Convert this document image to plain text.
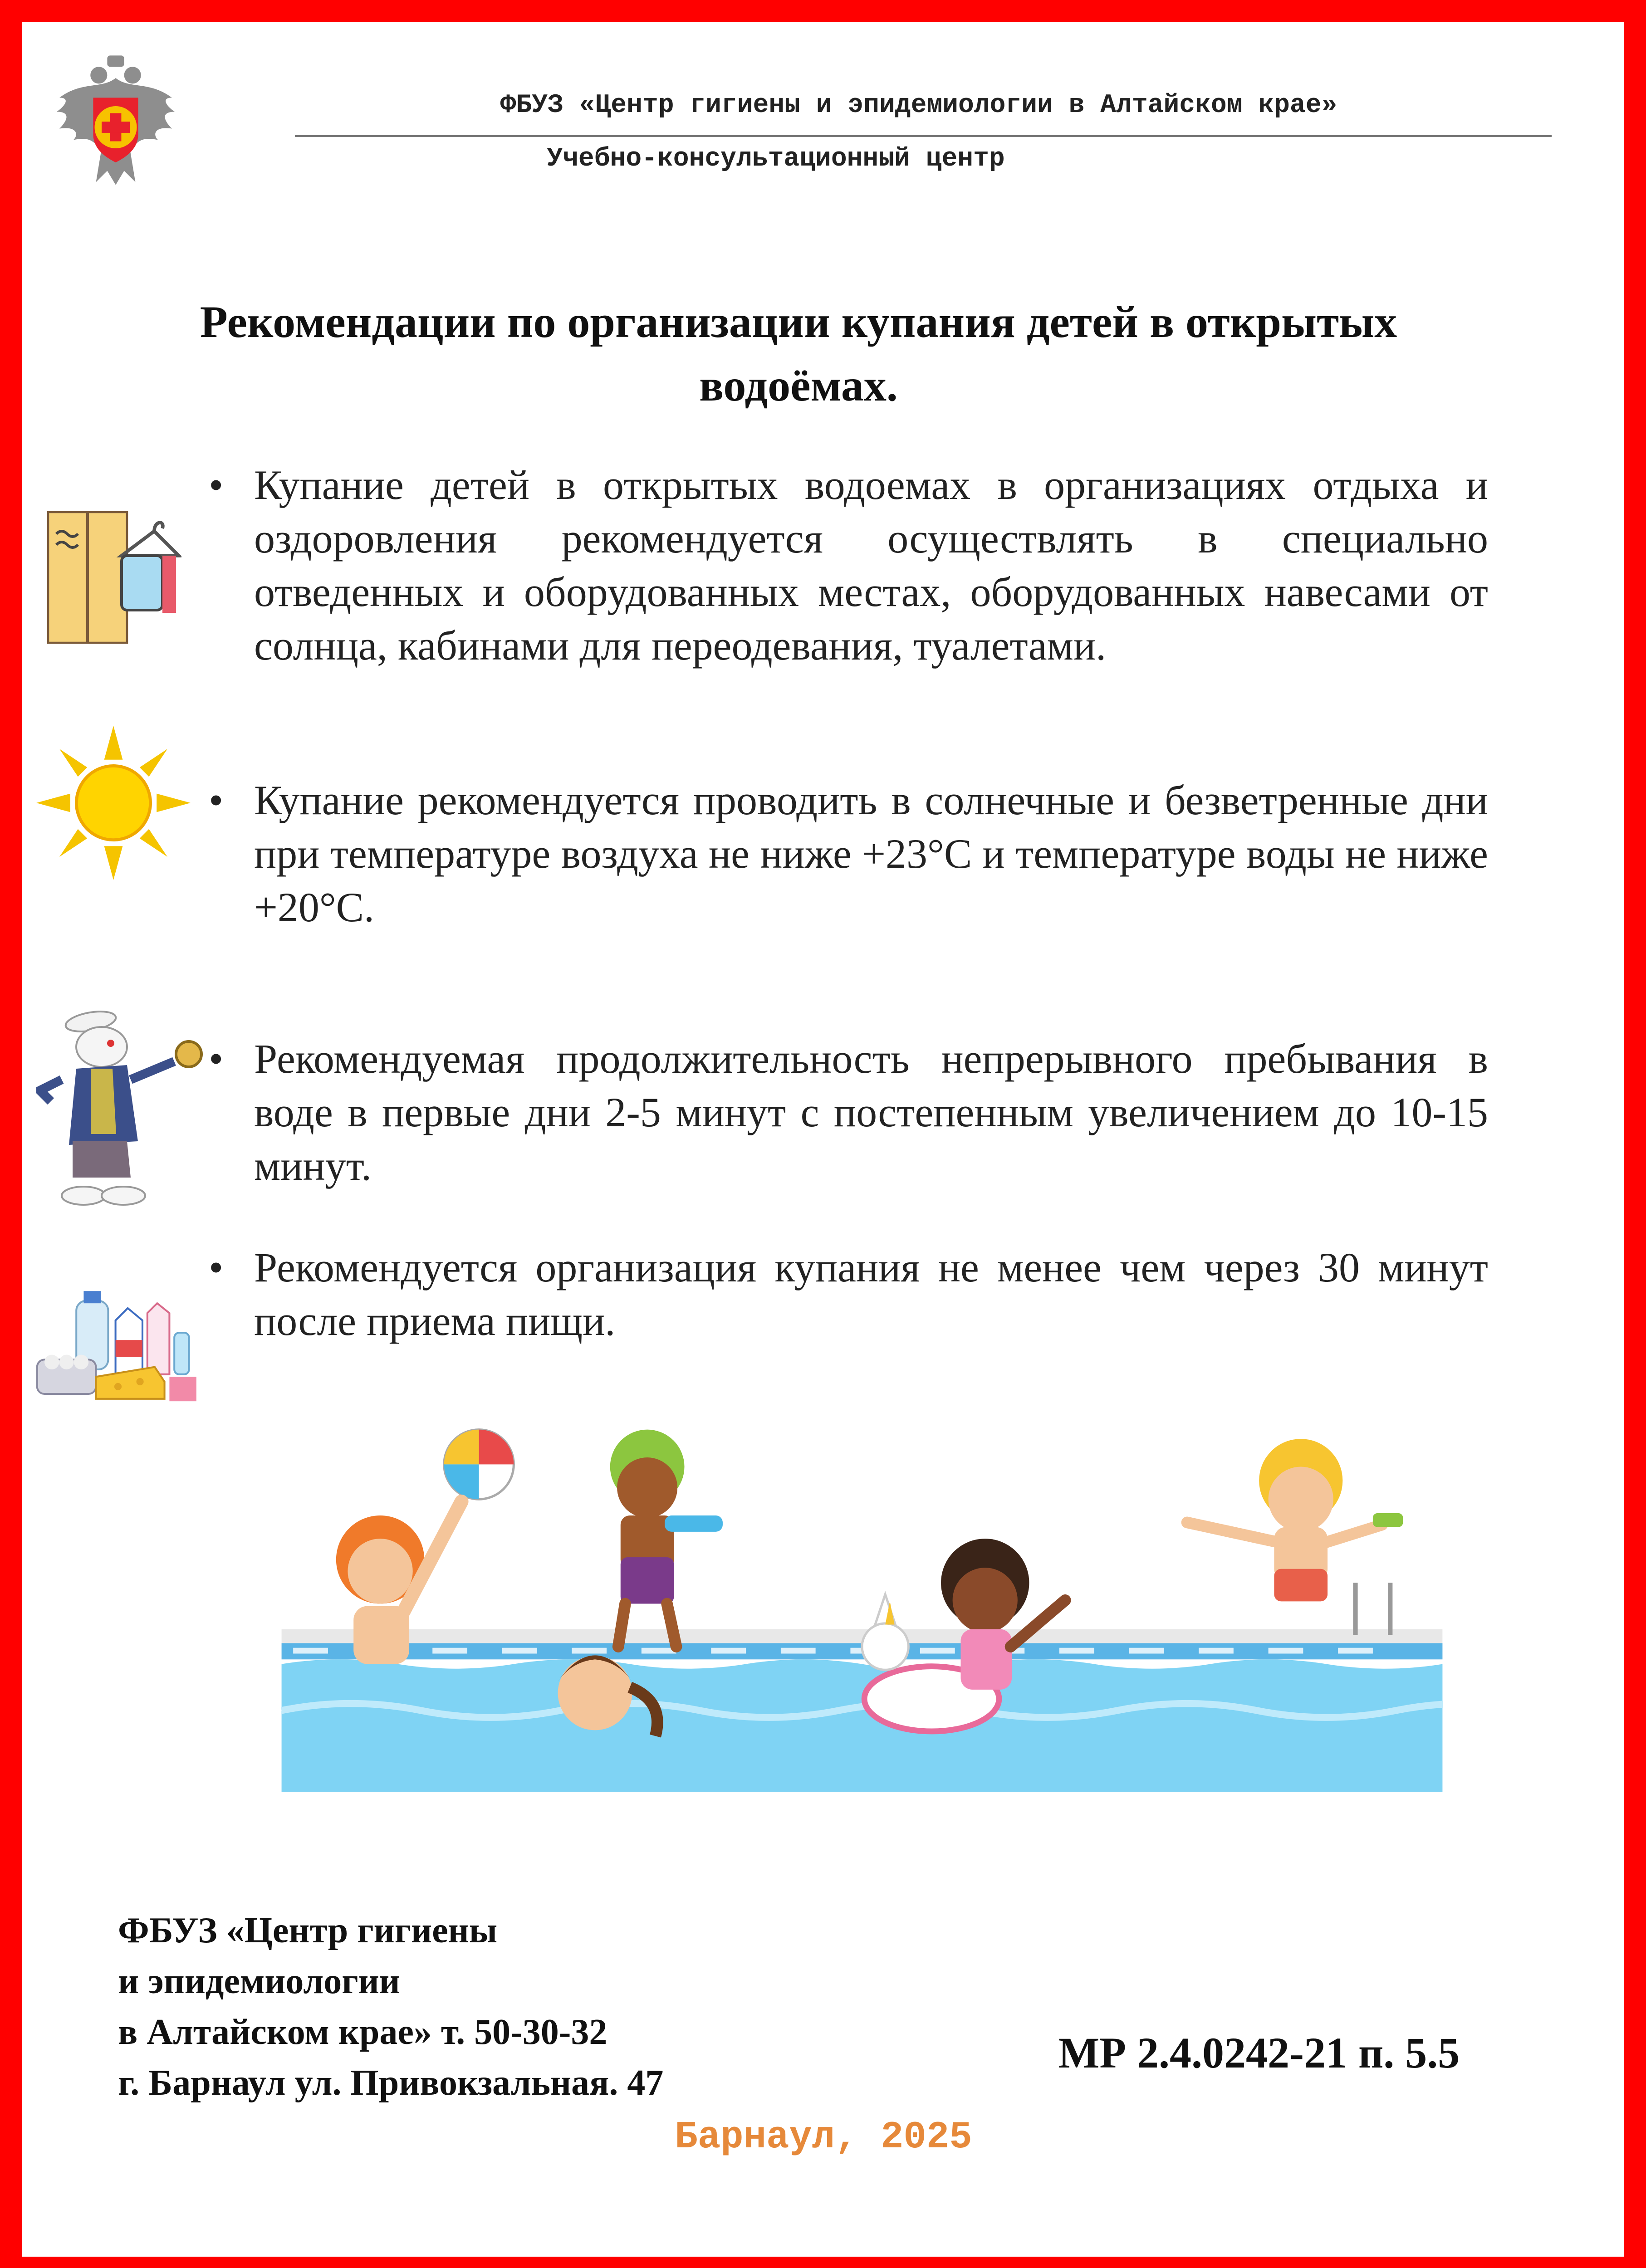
ФБУЗ «Центр гигиены и эпидемиологии в Алтайском крае»
Учебно-консультационный центр
Рекомендации по организации купания детей в открытых водоёмах.
• Купание детей в открытых водоемах в организациях отдыха и оздоровления рекомендуется осуществлять в специально отведенных и оборудованных местах, оборудованных навесами от солнца, кабинами для переодевания, туалетами.
• Купание рекомендуется проводить в солнечные и безветренные дни при температуре воздуха не ниже +23°С и температуре воды не ниже +20°С.
• Рекомендуемая продолжительность непрерывного пребывания в воде в первые дни 2-5 минут с постепенным увеличением до 10-15 минут.
• Рекомендуется организация купания не менее чем через 30 минут после приема пищи.
ФБУЗ «Центр гигиены
и эпидемиологии
в Алтайском крае» т. 50-30-32
г. Барнаул ул. Привокзальная. 47
МР 2.4.0242-21 п. 5.5
Барнаул, 2025
